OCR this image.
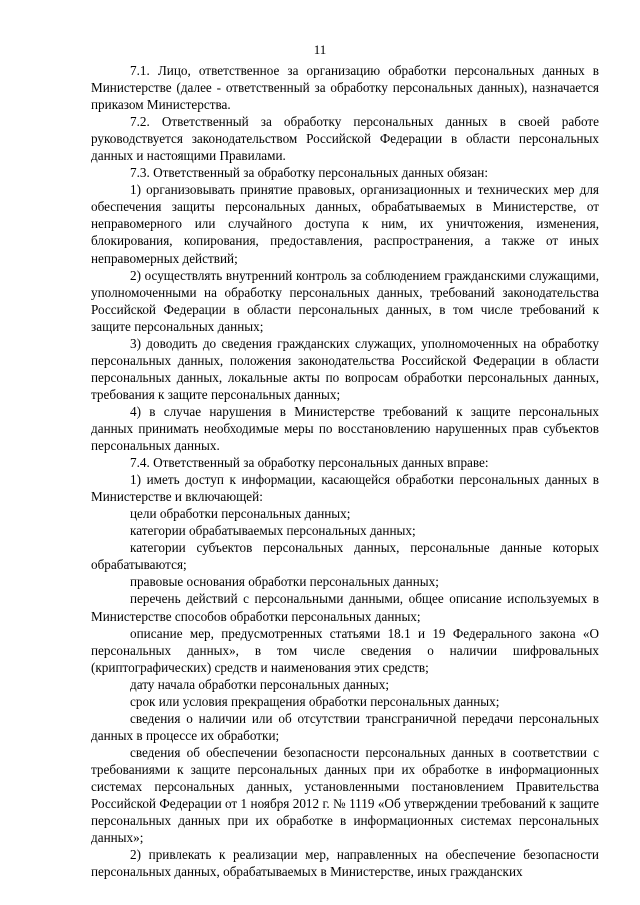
11

7.1. Лицо, ответственное за организацию обработки персональных данных в Министерстве (далее - ответственный за обработку персональных данных), назначается приказом Министерства.

7.2. Ответственный за обработку персональных данных в своей работе руководствуется законодательством Российской Федерации в области персональных данных и настоящими Правилами.

7.3. Ответственный за обработку персональных данных обязан:

1) организовывать принятие правовых, организационных и технических мер для обеспечения защиты персональных данных, обрабатываемых в Министерстве, от неправомерного или случайного доступа к ним, их уничтожения, изменения, блокирования, копирования, предоставления, распространения, а также от иных неправомерных действий;

2) осуществлять внутренний контроль за соблюдением гражданскими служащими, уполномоченными на обработку персональных данных, требований законодательства Российской Федерации в области персональных данных, в том числе требований к защите персональных данных;

3) доводить до сведения гражданских служащих, уполномоченных на обработку персональных данных, положения законодательства Российской Федерации в области персональных данных, локальные акты по вопросам обработки персональных данных, требования к защите персональных данных;

4) в случае нарушения в Министерстве требований к защите персональных данных принимать необходимые меры по восстановлению нарушенных прав субъектов персональных данных.

7.4. Ответственный за обработку персональных данных вправе:

1) иметь доступ к информации, касающейся обработки персональных данных в Министерстве и включающей:

цели обработки персональных данных;

категории обрабатываемых персональных данных;

категории субъектов персональных данных, персональные данные которых обрабатываются;

правовые основания обработки персональных данных;

перечень действий с персональными данными, общее описание используемых в Министерстве способов обработки персональных данных;

описание мер, предусмотренных статьями 18.1 и 19 Федерального закона «О персональных данных», в том числе сведения о наличии шифровальных (криптографических) средств и наименования этих средств;

дату начала обработки персональных данных;

срок или условия прекращения обработки персональных данных;

сведения о наличии или об отсутствии трансграничной передачи персональных данных в процессе их обработки;

сведения об обеспечении безопасности персональных данных в соответствии с требованиями к защите персональных данных при их обработке в информационных системах персональных данных, установленными постановлением Правительства Российской Федерации от 1 ноября 2012 г. № 1119 «Об утверждении требований к защите персональных данных при их обработке в информационных системах персональных данных»;

2) привлекать к реализации мер, направленных на обеспечение безопасности персональных данных, обрабатываемых в Министерстве, иных гражданских
